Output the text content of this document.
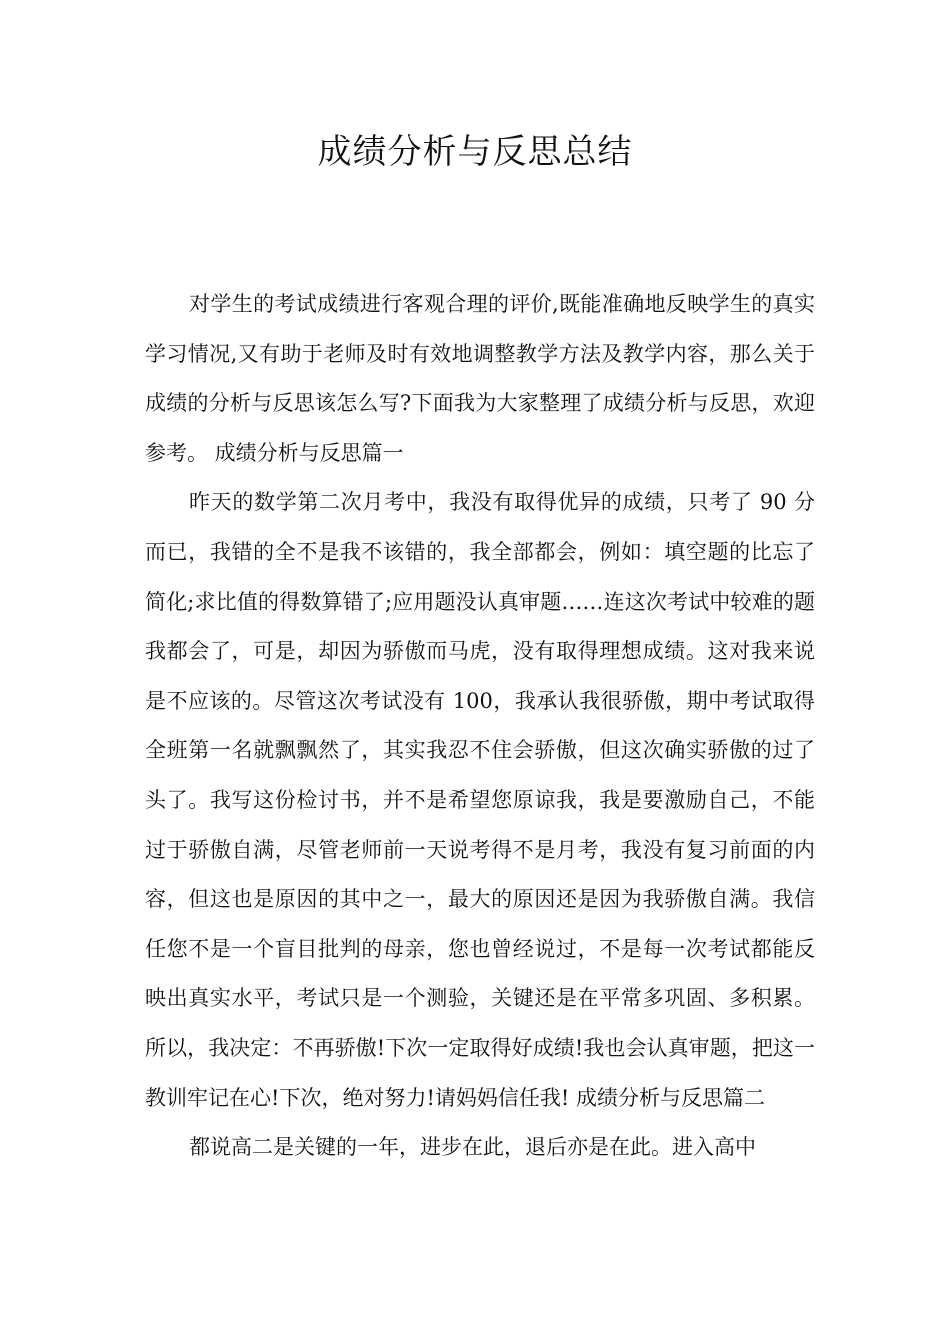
成绩分析与反思总结

对学生的考试成绩进行客观合理的评价,既能准确地反映学生的真实学习情况,又有助于老师及时有效地调整教学方法及教学内容，那么关于成绩的分析与反思该怎么写?下面我为大家整理了成绩分析与反思，欢迎参考。 成绩分析与反思篇一

昨天的数学第二次月考中，我没有取得优异的成绩，只考了 90 分而已，我错的全不是我不该错的，我全部都会，例如：填空题的比忘了简化;求比值的得数算错了;应用题没认真审题……连这次考试中较难的题我都会了，可是，却因为骄傲而马虎，没有取得理想成绩。这对我来说是不应该的。尽管这次考试没有 100，我承认我很骄傲，期中考试取得全班第一名就飘飘然了，其实我忍不住会骄傲，但这次确实骄傲的过了头了。我写这份检讨书，并不是希望您原谅我，我是要激励自己，不能过于骄傲自满，尽管老师前一天说考得不是月考，我没有复习前面的内容，但这也是原因的其中之一，最大的原因还是因为我骄傲自满。我信任您不是一个盲目批判的母亲，您也曾经说过，不是每一次考试都能反映出真实水平，考试只是一个测验，关键还是在平常多巩固、多积累。所以，我决定：不再骄傲!下次一定取得好成绩!我也会认真审题，把这一教训牢记在心!下次，绝对努力!请妈妈信任我! 成绩分析与反思篇二

都说高二是关键的一年，进步在此，退后亦是在此。进入高中
